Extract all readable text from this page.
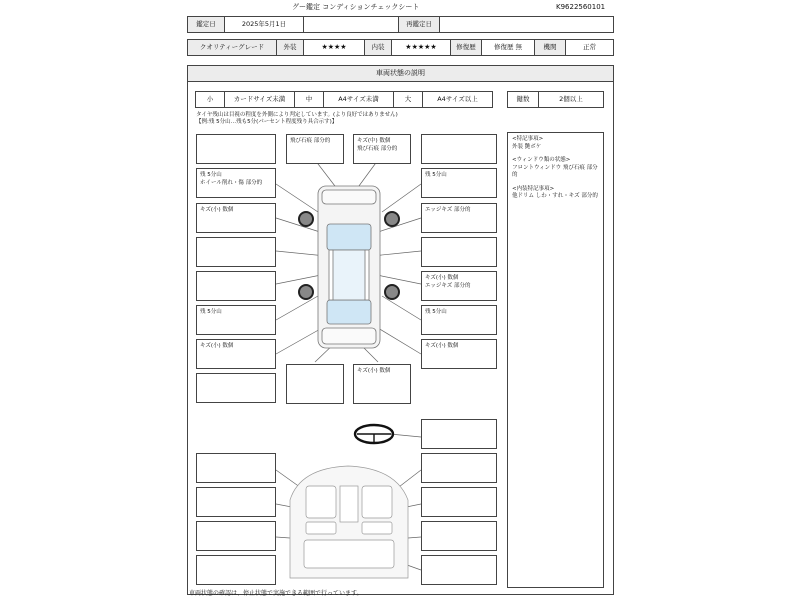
グー鑑定 コンディションチェックシート	K9622560101
鑑定日	2025年5月1日	再鑑定日
クオリティーグレード	外装	★★★★	内装	★★★★★	修復歴	修復歴 無	機関	正常
車両状態の説明
小	カードサイズ未満	中	A4サイズ未満	大	A4サイズ以上	鍵数	2個以上
タイヤ残山は目視の程度を外側により判定しています。(より良好ではありません)
【例:残 5分山…残も5分(パーセント程度残り具合示す)】
残 5分山
ホイール削れ・傷 部分的
キズ(小) 数個
残 5分山
キズ(小) 数個
飛び石痕 部分的	キズ(中) 数個
飛び石痕 部分的
キズ(小) 数個
残 5分山
エッジキズ 部分的
キズ(小) 数個
エッジキズ 部分的
残 5分山
キズ(小) 数個
<特記事項>
外装 艶ボケ
<ウィンドウ類の状態>
フロントウィンドウ 飛び石痕 部分的
<内装特記事項>
他ドリム しわ・すれ・キズ 部分的
車両状態の確認は、停止状態で実施できる範囲で行っています。
